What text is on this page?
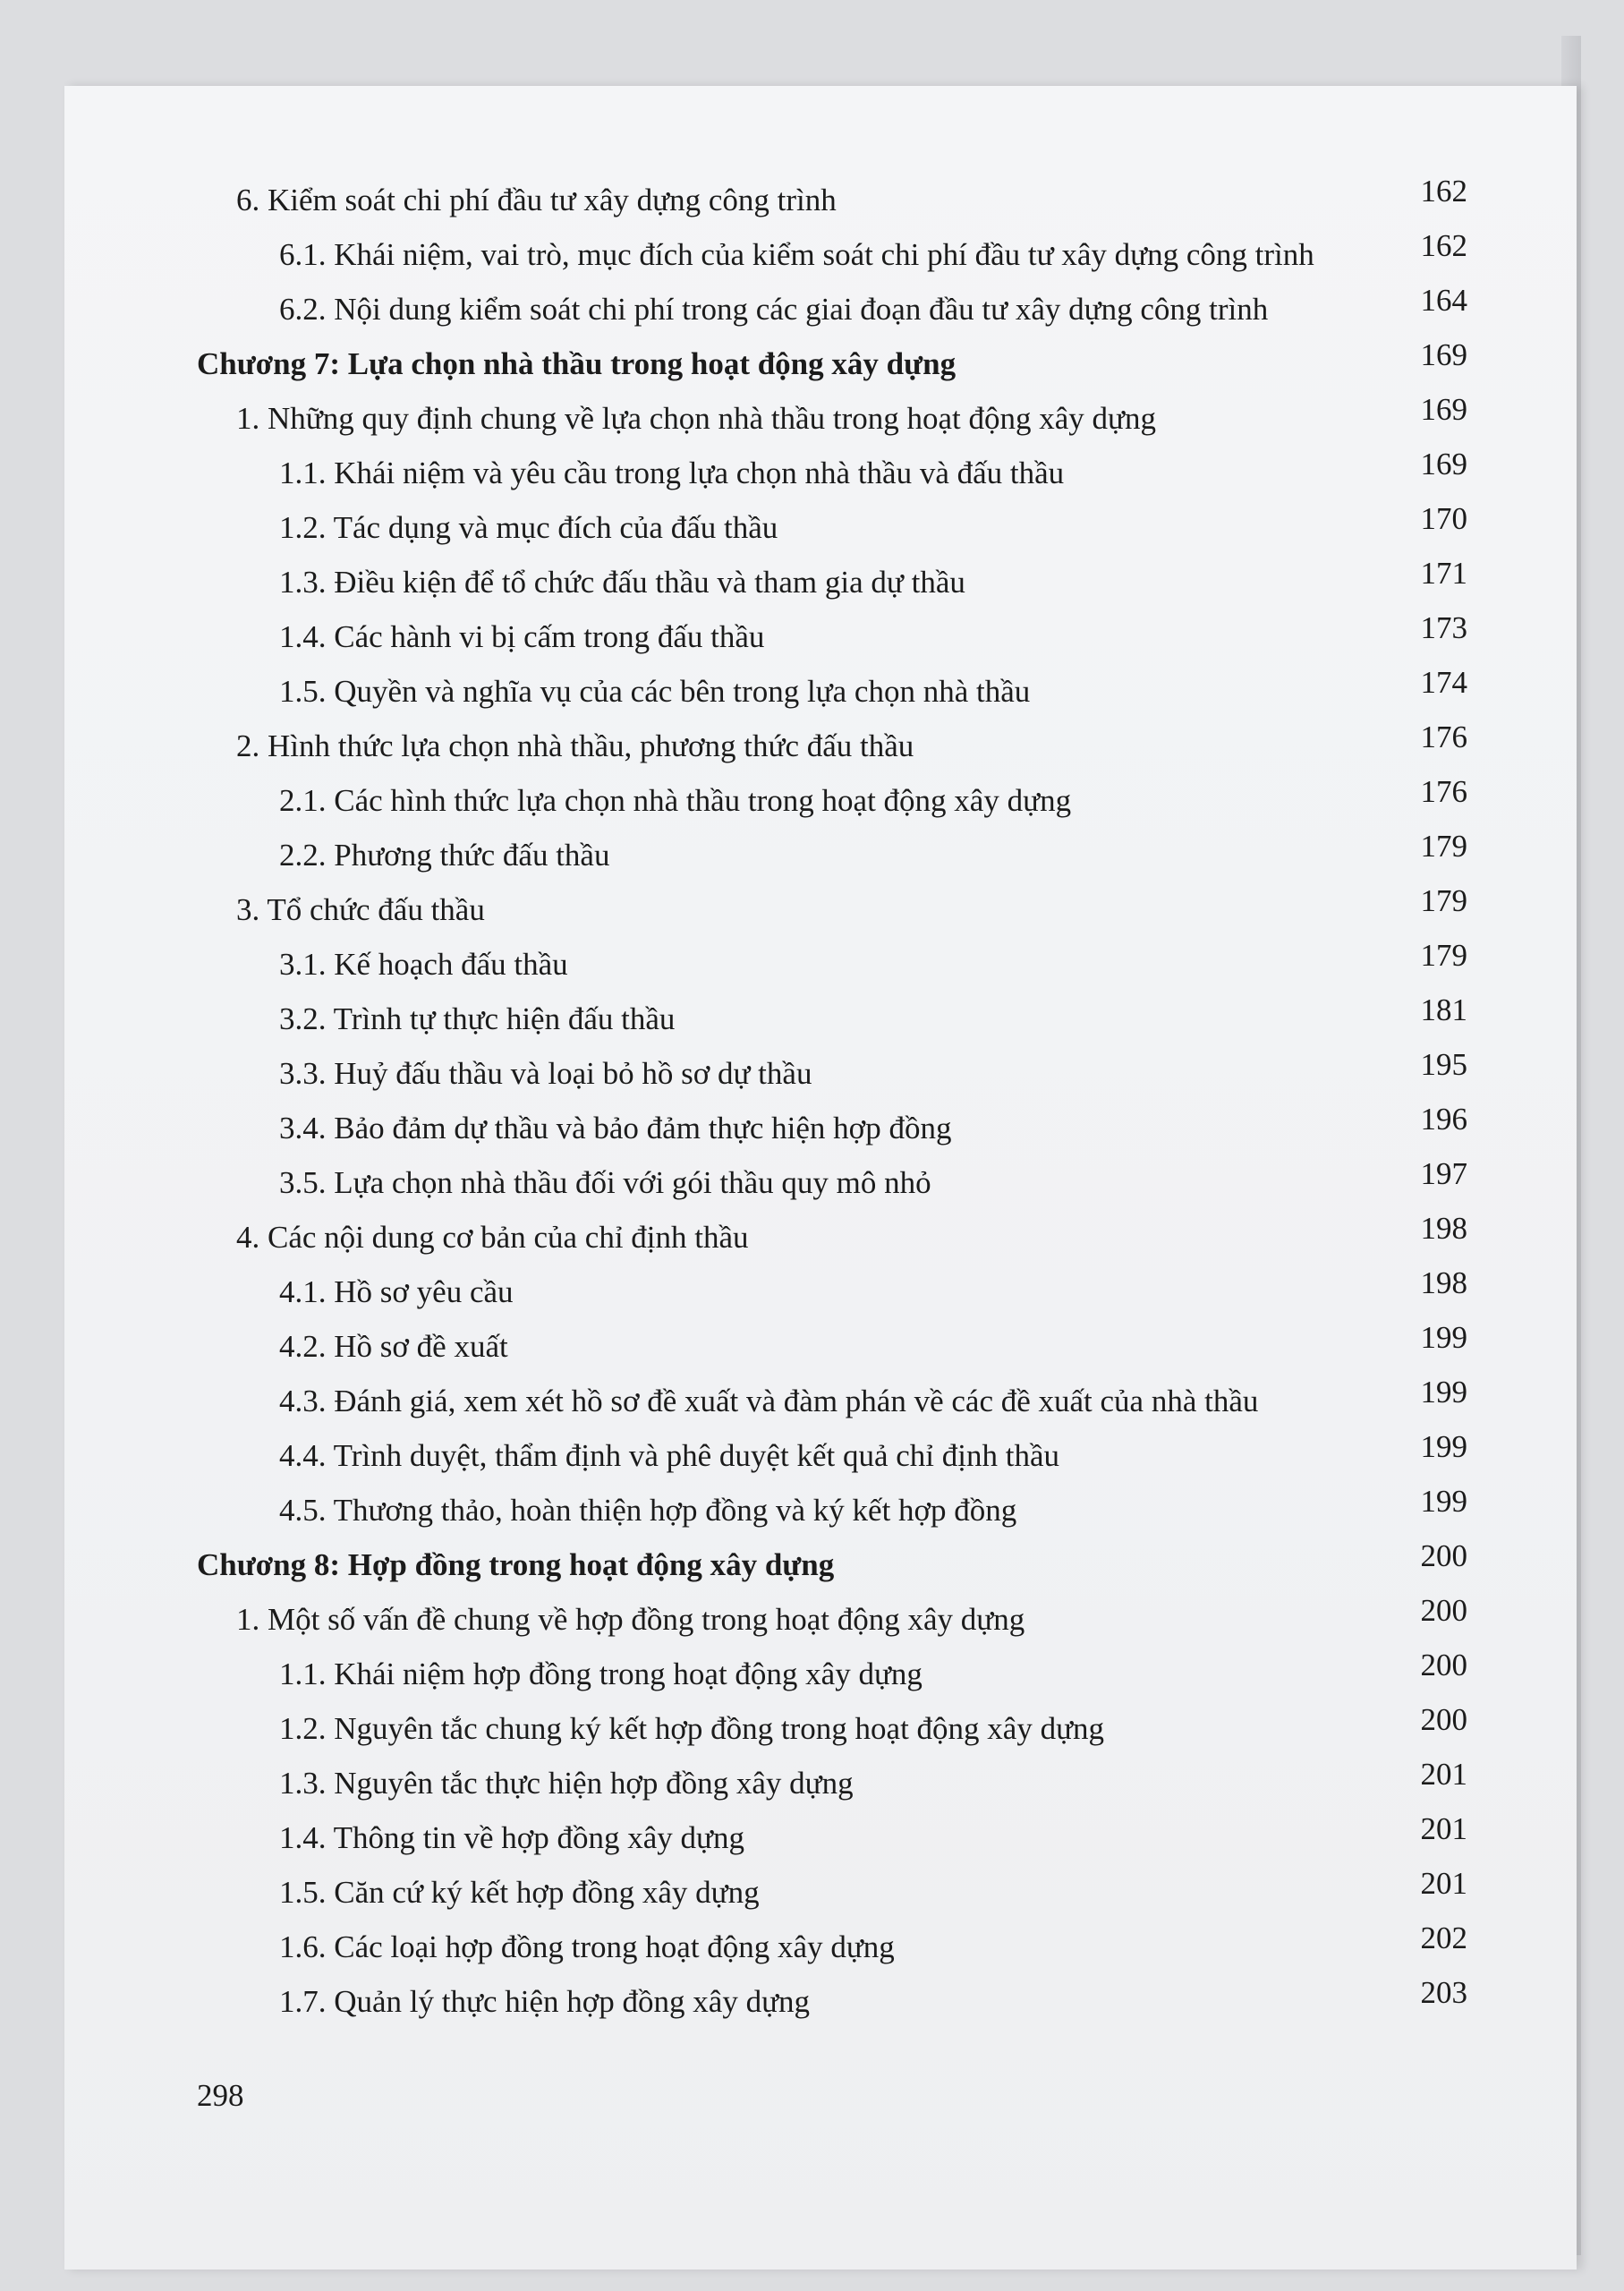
6. Kiểm soát chi phí đầu tư xây dựng công trình	162
6.1. Khái niệm, vai trò, mục đích của kiểm soát chi phí đầu tư xây dựng công trình	162
6.2. Nội dung kiểm soát chi phí trong các giai đoạn đầu tư xây dựng công trình	164
Chương 7: Lựa chọn nhà thầu trong hoạt động xây dựng	169
1. Những quy định chung về lựa chọn nhà thầu trong hoạt động xây dựng	169
1.1. Khái niệm và yêu cầu trong lựa chọn nhà thầu và đấu thầu	169
1.2. Tác dụng và mục đích của đấu thầu	170
1.3. Điều kiện để tổ chức đấu thầu và tham gia dự thầu	171
1.4. Các hành vi bị cấm trong đấu thầu	173
1.5. Quyền và nghĩa vụ của các bên trong lựa chọn nhà thầu	174
2. Hình thức lựa chọn nhà thầu, phương thức đấu thầu	176
2.1. Các hình thức lựa chọn nhà thầu trong hoạt động xây dựng	176
2.2. Phương thức đấu thầu	179
3. Tổ chức đấu thầu	179
3.1. Kế hoạch đấu thầu	179
3.2. Trình tự thực hiện đấu thầu	181
3.3. Huỷ đấu thầu và loại bỏ hồ sơ dự thầu	195
3.4. Bảo đảm dự thầu và bảo đảm thực hiện hợp đồng	196
3.5. Lựa chọn nhà thầu đối với gói thầu quy mô nhỏ	197
4. Các nội dung cơ bản của chỉ định thầu	198
4.1. Hồ sơ yêu cầu	198
4.2. Hồ sơ đề xuất	199
4.3. Đánh giá, xem xét hồ sơ đề xuất và đàm phán về các đề xuất của nhà thầu	199
4.4. Trình duyệt, thẩm định và phê duyệt kết quả chỉ định thầu	199
4.5. Thương thảo, hoàn thiện hợp đồng và ký kết hợp đồng	199
Chương 8: Hợp đồng trong hoạt động xây dựng	200
1. Một số vấn đề chung về hợp đồng trong hoạt động xây dựng	200
1.1. Khái niệm hợp đồng trong hoạt động xây dựng	200
1.2. Nguyên tắc chung ký kết hợp đồng trong hoạt động xây dựng	200
1.3. Nguyên tắc thực hiện hợp đồng xây dựng	201
1.4. Thông tin về hợp đồng xây dựng	201
1.5. Căn cứ ký kết hợp đồng xây dựng	201
1.6. Các loại hợp đồng trong hoạt động xây dựng	202
1.7. Quản lý thực hiện hợp đồng xây dựng	203
298
